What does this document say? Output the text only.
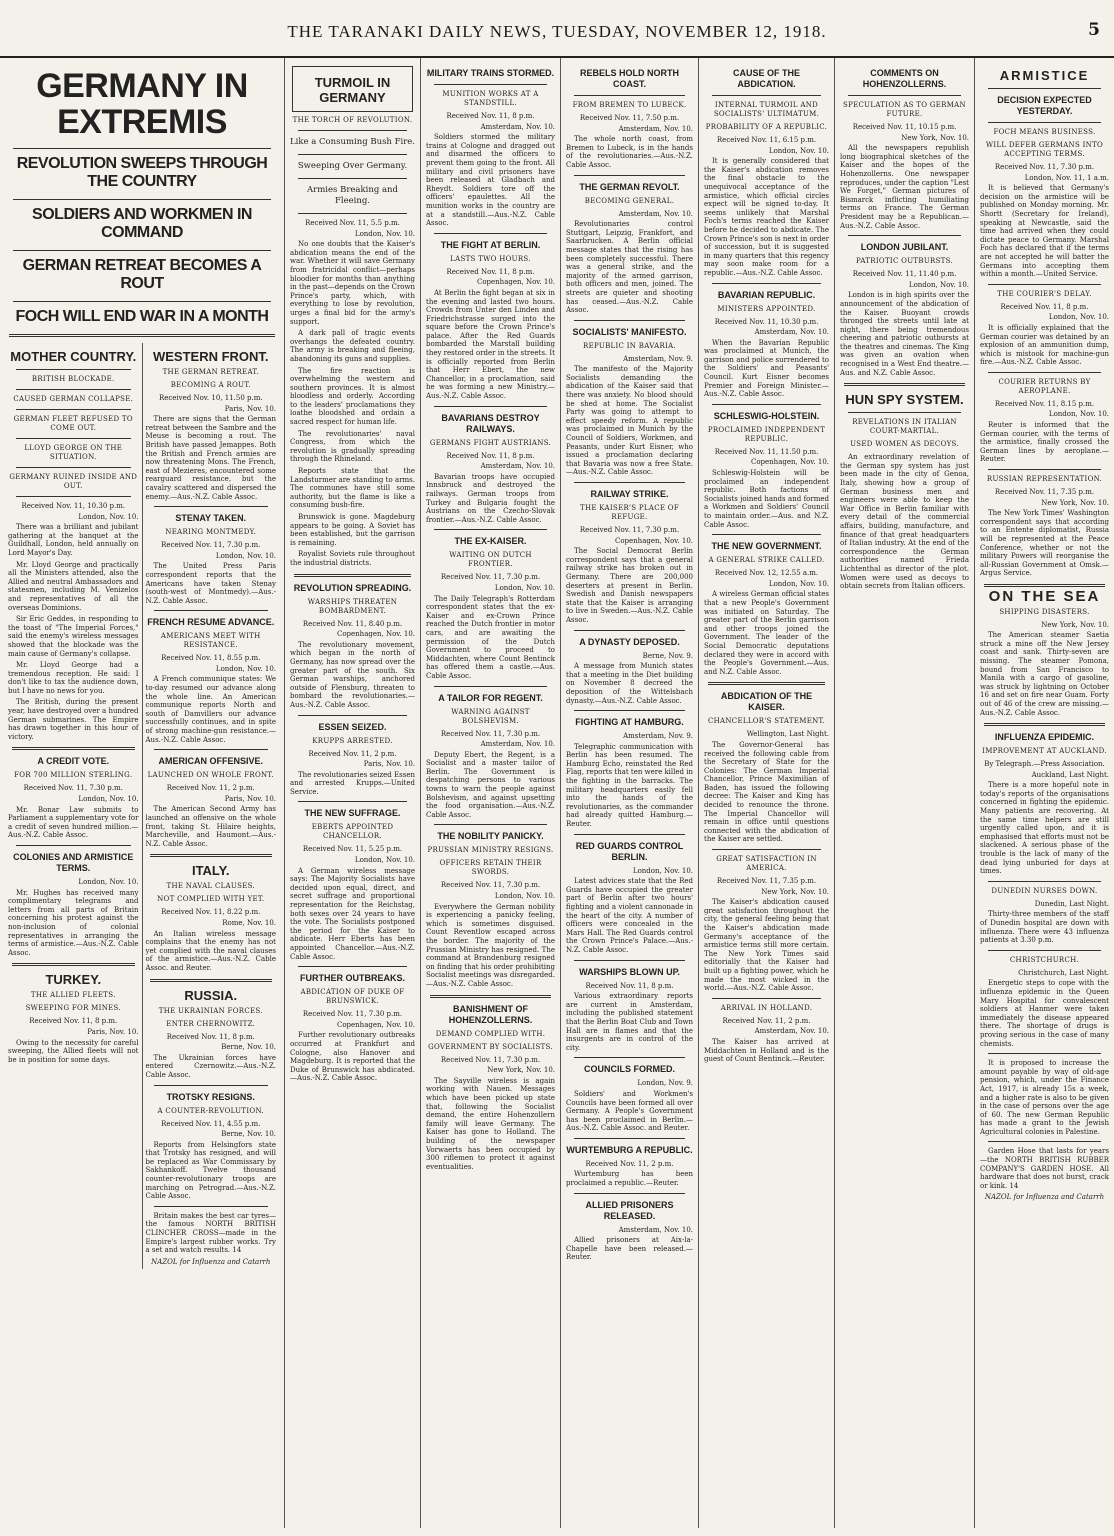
THE TARANAKI DAILY NEWS, TUESDAY, NOVEMBER 12, 1918.	5
GERMANY IN EXTREMIS
REVOLUTION SWEEPS THROUGH THE COUNTRY
SOLDIERS AND WORKMEN IN COMMAND
GERMAN RETREAT BECOMES A ROUT
FOCH WILL END WAR IN A MONTH
MOTHER COUNTRY.
BRITISH BLOCKADE.
CAUSED GERMAN COLLAPSE.
GERMAN FLEET REFUSED TO COME OUT.
LLOYD GEORGE ON THE SITUATION.
GERMANY RUINED INSIDE AND OUT.
Received Nov. 11, 10.30 p.m.
London, Nov. 10.

There was a brilliant and jubilant gathering at the banquet at the Guildhall, London, held annually on Lord Mayor's Day.

Mr. Lloyd George and practically all the Ministers attended, also the Allied and neutral Ambassadors and statesmen, including M. Venizelos and representatives of all the overseas Dominions.

Sir Eric Geddes, in responding to the toast of "The Imperial Forces," said the enemy's wireless messages showed that the blockade was the main cause of Germany's collapse.

Mr. Lloyd George had a tremendous reception. He said: I don't like to tax the audience down, but I have no news for you.

The British, during the present year, have destroyed over a hundred German submarines. The Empire has drawn together in this hour of victory.

A CREDIT VOTE.
FOR 700 MILLION STERLING.
Received Nov. 11, 7.30 p.m.
London, Nov. 10.

Mr. Bonar Law submits to Parliament a supplementary vote for a credit of seven hundred million.—Aus.-N.Z. Cable Assoc.

COLONIES AND ARMISTICE TERMS.
London, Nov. 10.

Mr. Hughes has received many complimentary telegrams and letters from all parts of Britain concerning his protest against the non-inclusion of colonial representatives in arranging the terms of armistice.—Aus.-N.Z. Cable Assoc.

TURKEY.
THE ALLIED FLEETS.
SWEEPING FOR MINES.
Received Nov. 11, 8 p.m.
Paris, Nov. 10.

Owing to the necessity for careful sweeping, the Allied fleets will not be in position for some days.

WESTERN FRONT.
THE GERMAN RETREAT.
BECOMING A ROUT.
Received Nov. 10, 11.50 p.m.
Paris, Nov. 10.

There are signs that the German retreat between the Sambre and the Meuse is becoming a rout. The British have passed Jemappes. Both the British and French armies are now threatening Mons. The French, east of Mezieres, encountered some rearguard resistance, but the cavalry scattered and dispersed the enemy.—Aus.-N.Z. Cable Assoc.

STENAY TAKEN.
NEARING MONTMEDY.
Received Nov. 11, 7.30 p.m.
London, Nov. 10.

The United Press Paris correspondent reports that the Americans have taken Stenay (south-west of Montmedy).—Aus.-N.Z. Cable Assoc.

FRENCH RESUME ADVANCE.
AMERICANS MEET WITH RESISTANCE.
Received Nov. 11, 8.55 p.m.
London, Nov. 10.

A French communique states: We to-day resumed our advance along the whole line. An American communique reports North and south of Damvillers our advance successfully continues, and in spite of strong machine-gun resistance.—Aus.-N.Z. Cable Assoc.

AMERICAN OFFENSIVE.
LAUNCHED ON WHOLE FRONT.
Received Nov. 11, 2 p.m.
Paris, Nov. 10.

The American Second Army has launched an offensive on the whole front, taking St. Hilaire heights, Marcheville, and Haumont.—Aus.-N.Z. Cable Assoc.

ITALY.
THE NAVAL CLAUSES.
NOT COMPLIED WITH YET.
Received Nov. 11, 8.22 p.m.
Rome, Nov. 10.

An Italian wireless message complains that the enemy has not yet complied with the naval clauses of the armistice.—Aus.-N.Z. Cable Assoc. and Reuter.

RUSSIA.
THE UKRAINIAN FORCES.
ENTER CHERNOWITZ.
Received Nov. 11, 8 p.m.
Berne, Nov. 10.

The Ukrainian forces have entered Czernowitz.—Aus.-N.Z. Cable Assoc.

TROTSKY RESIGNS.
A COUNTER-REVOLUTION.
Received Nov. 11, 4.55 p.m.
Berne, Nov. 10.

Reports from Helsingfors state that Trotsky has resigned, and will be replaced as War Commissary by Sakhankoff. Twelve thousand counter-revolutionary troops are marching on Petrograd.—Aus.-N.Z. Cable Assoc.

Britain makes the best car tyres—the famous NORTH BRITISH CLINCHER CROSS—made in the Empire's largest rubber works. Try a set and watch results. 14

NAZOL for Influenza and Catarrh
TURMOIL IN GERMANY
THE TORCH OF REVOLUTION.
Like a Consuming Bush Fire.
Sweeping Over Germany.
Armies Breaking and Fleeing.
Received Nov. 11, 5.5 p.m.
London, Nov. 10.

No one doubts that the Kaiser's abdication means the end of the war. Whether it will save Germany from fratricidal conflict—perhaps bloodier for months than anything in the past—depends on the Crown Prince's party, which, with everything to lose by revolution, urges a final bid for the army's support.

A dark pall of tragic events overhangs the defeated country. The army is breaking and fleeing, abandoning its guns and supplies.

The fire reaction is overwhelming the western and southern provinces. It is almost bloodless and orderly. According to the leaders' proclamations they loathe bloodshed and ordain a sacred respect for human life.

The revolutionaries' naval Congress, from which the revolution is gradually spreading through the Rhineland.

Reports state that the Landsturmer are standing to arms. The communes have still some authority, but the flame is like a consuming bush-fire.

Brunswick is gone. Magdeburg appears to be going. A Soviet has been established, but the garrison is remaining.

Royalist Soviets rule throughout the industrial districts.

REVOLUTION SPREADING.
WARSHIPS THREATEN BOMBARDMENT.
Received Nov. 11, 8.40 p.m.
Copenhagen, Nov. 10.

The revolutionary movement, which began in the north of Germany, has now spread over the greater part of the south. Six German warships, anchored outside of Flensburg, threaten to bombard the revolutionaries.—Aus.-N.Z. Cable Assoc.

ESSEN SEIZED.
KRUPPS ARRESTED.
Received Nov. 11, 2 p.m.
Paris, Nov. 10.

The revolutionaries seized Essen and arrested Krupps.—United Service.

THE NEW SUFFRAGE.
EBERTS APPOINTED CHANCELLOR.
Received Nov. 11, 5.25 p.m.
London, Nov. 10.

A German wireless message says: The Majority Socialists have decided upon equal, direct, and secret suffrage and proportional representation for the Reichstag, both sexes over 24 years to have the vote. The Socialists postponed the period for the Kaiser to abdicate. Herr Eberts has been appointed Chancellor.—Aus.-N.Z. Cable Assoc.

FURTHER OUTBREAKS.
ABDICATION OF DUKE OF BRUNSWICK.
Received Nov. 11, 7.30 p.m.
Copenhagen, Nov. 10.

Further revolutionary outbreaks occurred at Frankfurt and Cologne, also Hanover and Magdeburg. It is reported that the Duke of Brunswick has abdicated.—Aus.-N.Z. Cable Assoc.

MILITARY TRAINS STORMED.
MUNITION WORKS AT A STANDSTILL.
Received Nov. 11, 8 p.m.
Amsterdam, Nov. 10.

Soldiers stormed the military trains at Cologne and dragged out and disarmed the officers to prevent them going to the front. All military and civil prisoners have been released at Gladbach and Rheydt. Soldiers tore off the officers' epaulettes. All the munition works in the country are at a standstill.—Aus.-N.Z. Cable Assoc.

THE FIGHT AT BERLIN.
LASTS TWO HOURS.
Received Nov. 11, 8 p.m.
Copenhagen, Nov. 10.

At Berlin the fight began at six in the evening and lasted two hours. Crowds from Unter den Linden and Friedrichstrasse surged into the square before the Crown Prince's palace. After the Red Guards bombarded the Marstall building they restored order in the streets. It is officially reported from Berlin that Herr Ebert, the new Chancellor, in a proclamation, said he was forming a new Ministry.—Aus.-N.Z. Cable Assoc.

BAVARIANS DESTROY RAILWAYS.
GERMANS FIGHT AUSTRIANS.
Received Nov. 11, 8 p.m.
Amsterdam, Nov. 10.

Bavarian troops have occupied Innsbruck and destroyed the railways. German troops from Turkey and Bulgaria fought the Austrians on the Czecho-Slovak frontier.—Aus.-N.Z. Cable Assoc.

THE EX-KAISER.
WAITING ON DUTCH FRONTIER.
Received Nov. 11, 7.30 p.m.
London, Nov. 10.

The Daily Telegraph's Rotterdam correspondent states that the ex-Kaiser and ex-Crown Prince reached the Dutch frontier in motor cars, and are awaiting the permission of the Dutch Government to proceed to Middachten, where Count Bentinck has offered them a castle.—Aus. Cable Assoc.

A TAILOR FOR REGENT.
WARNING AGAINST BOLSHEVISM.
Received Nov. 11, 7.30 p.m.
Amsterdam, Nov. 10.

Deputy Ebert, the Regent, is a Socialist and a master tailor of Berlin. The Government is despatching persons to various towns to warn the people against Bolshevism, and against upsetting the food organisation.—Aus.-N.Z. Cable Assoc.

THE NOBILITY PANICKY.
PRUSSIAN MINISTRY RESIGNS.
OFFICERS RETAIN THEIR SWORDS.
Received Nov. 11, 7.30 p.m.
London, Nov. 10.

Everywhere the German nobility is experiencing a panicky feeling, which is sometimes disguised. Count Reventlow escaped across the border. The majority of the Prussian Ministry has resigned. The command at Brandenburg resigned on finding that his order prohibiting Socialist meetings was disregarded.—Aus.-N.Z. Cable Assoc.

BANISHMENT OF HOHENZOLLERNS.
DEMAND COMPLIED WITH.
GOVERNMENT BY SOCIALISTS.
Received Nov. 11, 7.30 p.m.
New York, Nov. 10.

The Sayville wireless is again working with Nauen. Messages which have been picked up state that, following the Socialist demand, the entire Hohenzollern family will leave Germany. The Kaiser has gone to Holland. The building of the newspaper Vorwaerts has been occupied by 300 riflemen to protect it against eventualities.

REBELS HOLD NORTH COAST.
FROM BREMEN TO LUBECK.
Received Nov. 11, 7.50 p.m.
Amsterdam, Nov. 10.

The whole north coast, from Bremen to Lubeck, is in the hands of the revolutionaries.—Aus.-N.Z. Cable Assoc.

THE GERMAN REVOLT.
BECOMING GENERAL.
Amsterdam, Nov. 10.

Revolutionaries control Stuttgart, Leipzig, Frankfort, and Saarbrucken. A Berlin official message states that the rising has been completely successful. There was a general strike, and the majority of the armed garrison, both officers and men, joined. The streets are quieter and shooting has ceased.—Aus.-N.Z. Cable Assoc.

SOCIALISTS' MANIFESTO.
REPUBLIC IN BAVARIA.
Amsterdam, Nov. 9.

The manifesto of the Majority Socialists demanding the abdication of the Kaiser said that there was anxiety. No blood should be shed at home. The Socialist Party was going to attempt to effect speedy reform. A republic was proclaimed in Munich by the Council of Soldiers, Workmen, and Peasants, under Kurt Eisner, who issued a proclamation declaring that Bavaria was now a free State.—Aus.-N.Z. Cable Assoc.

RAILWAY STRIKE.
THE KAISER'S PLACE OF REFUGE.
Received Nov. 11, 7.30 p.m.
Copenhagen, Nov. 10.

The Social Democrat Berlin correspondent says that a general railway strike has broken out in Germany. There are 200,000 deserters at present in Berlin. Swedish and Danish newspapers state that the Kaiser is arranging to live in Sweden.—Aus.-N.Z. Cable Assoc.

A DYNASTY DEPOSED.
Berne, Nov. 9.

A message from Munich states that a meeting in the Diet building on November 8 decreed the deposition of the Wittelsbach dynasty.—Aus.-N.Z. Cable Assoc.

FIGHTING AT HAMBURG.
Amsterdam, Nov. 9.

Telegraphic communication with Berlin has been resumed. The Hamburg Echo, reinstated the Red Flag, reports that ten were killed in the fighting in the barracks. The military headquarters easily fell into the hands of the revolutionaries, as the commander had already quitted Hamburg.—Reuter.

RED GUARDS CONTROL BERLIN.
London, Nov. 10.

Latest advices state that the Red Guards have occupied the greater part of Berlin after two hours' fighting and a violent cannonade in the heart of the city. A number of officers were concealed in the Mars Hall. The Red Guards control the Crown Prince's Palace.—Aus.-N.Z. Cable Assoc.

WARSHIPS BLOWN UP.
Received Nov. 11, 8 p.m.

Various extraordinary reports are current in Amsterdam, including the published statement that the Berlin Boat Club and Town Hall are in flames and that the insurgents are in control of the city.

COUNCILS FORMED.
London, Nov. 9.

Soldiers' and Workmen's Councils have been formed all over Germany. A People's Government has been proclaimed in Berlin.—Aus.-N.Z. Cable Assoc. and Reuter.

WURTEMBURG A REPUBLIC.
Received Nov. 11, 2 p.m.

Wurtemburg has been proclaimed a republic.—Reuter.

ALLIED PRISONERS RELEASED.
Amsterdam, Nov. 10.

Allied prisoners at Aix-la-Chapelle have been released.—Reuter.

CAUSE OF THE ABDICATION.
INTERNAL TURMOIL AND SOCIALISTS' ULTIMATUM.
PROBABILITY OF A REPUBLIC.
Received Nov. 11, 6.15 p.m.
London, Nov. 10.

It is generally considered that the Kaiser's abdication removes the final obstacle to the unequivocal acceptance of the armistice, which official circles expect will be signed to-day. It seems unlikely that Marshal Foch's terms reached the Kaiser before he decided to abdicate. The Crown Prince's son is next in order of succession, but it is suggested in many quarters that this regency may soon make room for a republic.—Aus.-N.Z. Cable Assoc.

BAVARIAN REPUBLIC.
MINISTERS APPOINTED.
Received Nov. 11, 10.30 p.m.
Amsterdam, Nov. 10.

When the Bavarian Republic was proclaimed at Munich, the garrison and police surrendered to the Soldiers' and Peasants' Council. Kurt Eisner becomes Premier and Foreign Minister.—Aus.-N.Z. Cable Assoc.

SCHLESWIG-HOLSTEIN.
PROCLAIMED INDEPENDENT REPUBLIC.
Received Nov. 11, 11.50 p.m.
Copenhagen, Nov. 10.

Schleswig-Holstein will be proclaimed an independent republic. Both factions of Socialists joined hands and formed a Workmen and Soldiers' Council to maintain order.—Aus. and N.Z. Cable Assoc.

THE NEW GOVERNMENT.
A GENERAL STRIKE CALLED.
Received Nov. 12, 12.55 a.m.
London, Nov. 10.

A wireless German official states that a new People's Government was initiated on Saturday. The greater part of the Berlin garrison and other troops joined the Government. The leader of the Social Democratic deputations declared they were in accord with the People's Government.—Aus. and N.Z. Cable Assoc.

ABDICATION OF THE KAISER.
CHANCELLOR'S STATEMENT.
Wellington, Last Night.

The Governor-General has received the following cable from the Secretary of State for the Colonies: The German Imperial Chancellor, Prince Maximilian of Baden, has issued the following decree: The Kaiser and King has decided to renounce the throne. The Imperial Chancellor will remain in office until questions connected with the abdication of the Kaiser are settled.

GREAT SATISFACTION IN AMERICA.
Received Nov. 11, 7.35 p.m.
New York, Nov. 10.

The Kaiser's abdication caused great satisfaction throughout the city, the general feeling being that the Kaiser's abdication made Germany's acceptance of the armistice terms still more certain. The New York Times said editorially that the Kaiser had built up a fighting power, which he made the most wicked in the world.—Aus.-N.Z. Cable Assoc.

ARRIVAL IN HOLLAND.
Received Nov. 11, 2 p.m.
Amsterdam, Nov. 10.

The Kaiser has arrived at Middachten in Holland and is the guest of Count Bentinck.—Reuter.

COMMENTS ON HOHENZOLLERNS.
SPECULATION AS TO GERMAN FUTURE.
Received Nov. 11, 10.15 p.m.
New York, Nov. 10.

All the newspapers republish long biographical sketches of the Kaiser and the hopes of the Hohenzollerns. One newspaper reproduces, under the caption "Lest We Forget," German pictures of Bismarck inflicting humiliating terms on France. The German President may be a Republican.—Aus.-N.Z. Cable Assoc.

LONDON JUBILANT.
PATRIOTIC OUTBURSTS.
Received Nov. 11, 11.40 p.m.
London, Nov. 10.

London is in high spirits over the announcement of the abdication of the Kaiser. Buoyant crowds thronged the streets until late at night, there being tremendous cheering and patriotic outbursts at the theatres and cinemas. The King was given an ovation when recognised in a West End theatre.—Aus. and N.Z. Cable Assoc.

HUN SPY SYSTEM.
REVELATIONS IN ITALIAN COURT-MARTIAL.
USED WOMEN AS DECOYS.

An extraordinary revelation of the German spy system has just been made in the city of Genoa, Italy, showing how a group of German business men and engineers were able to keep the War Office in Berlin familiar with every detail of the commercial affairs, building, manufacture, and finance of that great headquarters of Italian industry. At the end of the correspondence the German authorities named Frieda Lichtenthal as director of the plot. Women were used as decoys to obtain secrets from Italian officers.

ARMISTICE
DECISION EXPECTED YESTERDAY.
FOCH MEANS BUSINESS.
WILL DEFER GERMANS INTO ACCEPTING TERMS.
Received Nov. 11, 7.30 p.m.
London, Nov. 11, 1 a.m.

It is believed that Germany's decision on the armistice will be published on Monday morning. Mr. Shortt (Secretary for Ireland), speaking at Newcastle, said the time had arrived when they could dictate peace to Germany. Marshal Foch has declared that if the terms are not accepted he will batter the Germans into accepting them within a month.—United Service.

THE COURIER'S DELAY.
Received Nov. 11, 8 p.m.
London, Nov. 10.

It is officially explained that the German courier was detained by an explosion of an ammunition dump, which is mistook for machine-gun fire.—Aus.-N.Z. Cable Assoc.

COURIER RETURNS BY AEROPLANE.
Received Nov. 11, 8.15 p.m.
London, Nov. 10.

Reuter is informed that the German courier, with the terms of the armistice, finally crossed the German lines by aeroplane.—Reuter.

RUSSIAN REPRESENTATION.
Received Nov. 11, 7.35 p.m.
New York, Nov. 10.

The New York Times' Washington correspondent says that according to an Entente diplomatist, Russia will be represented at the Peace Conference, whether or not the military Powers will reorganise the all-Russian Government at Omsk.—Argus Service.

ON THE SEA
SHIPPING DISASTERS.
New York, Nov. 10.

The American steamer Saetia struck a mine off the New Jersey coast and sank. Thirty-seven are missing. The steamer Pomona, bound from San Francisco to Manila with a cargo of gasoline, was struck by lightning on October 16 and set on fire near Guam. Forty out of 46 of the crew are missing.—Aus.-N.Z. Cable Assoc.

INFLUENZA EPIDEMIC.
IMPROVEMENT AT AUCKLAND.
By Telegraph.—Press Association.
Auckland, Last Night.

There is a more hopeful note in today's reports of the organisations concerned in fighting the epidemic. Many patients are recovering. At the same time helpers are still urgently called upon, and it is emphasised that efforts must not be slackened. A serious phase of the trouble is the lack of many of the dead lying unburied for days at times.

DUNEDIN NURSES DOWN.
Dunedin, Last Night.

Thirty-three members of the staff of Dunedin hospital are down with influenza. There were 43 influenza patients at 3.30 p.m.

CHRISTCHURCH.
Christchurch, Last Night.

Energetic steps to cope with the influenza epidemic in the Queen Mary Hospital for convalescent soldiers at Hanmer were taken immediately the disease appeared there. The shortage of drugs is proving serious in the case of many chemists.

It is proposed to increase the amount payable by way of old-age pension, which, under the Finance Act, 1917, is already 15s a week, and a higher rate is also to be given in the case of persons over the age of 60. The new German Republic has made a grant to the Jewish Agricultural colonies in Palestine.

Garden Hose that lasts for years—the NORTH BRITISH RUBBER COMPANY'S GARDEN HOSE. All hardware that does not burst, crack or kink. 14

NAZOL for Influenza and Catarrh
